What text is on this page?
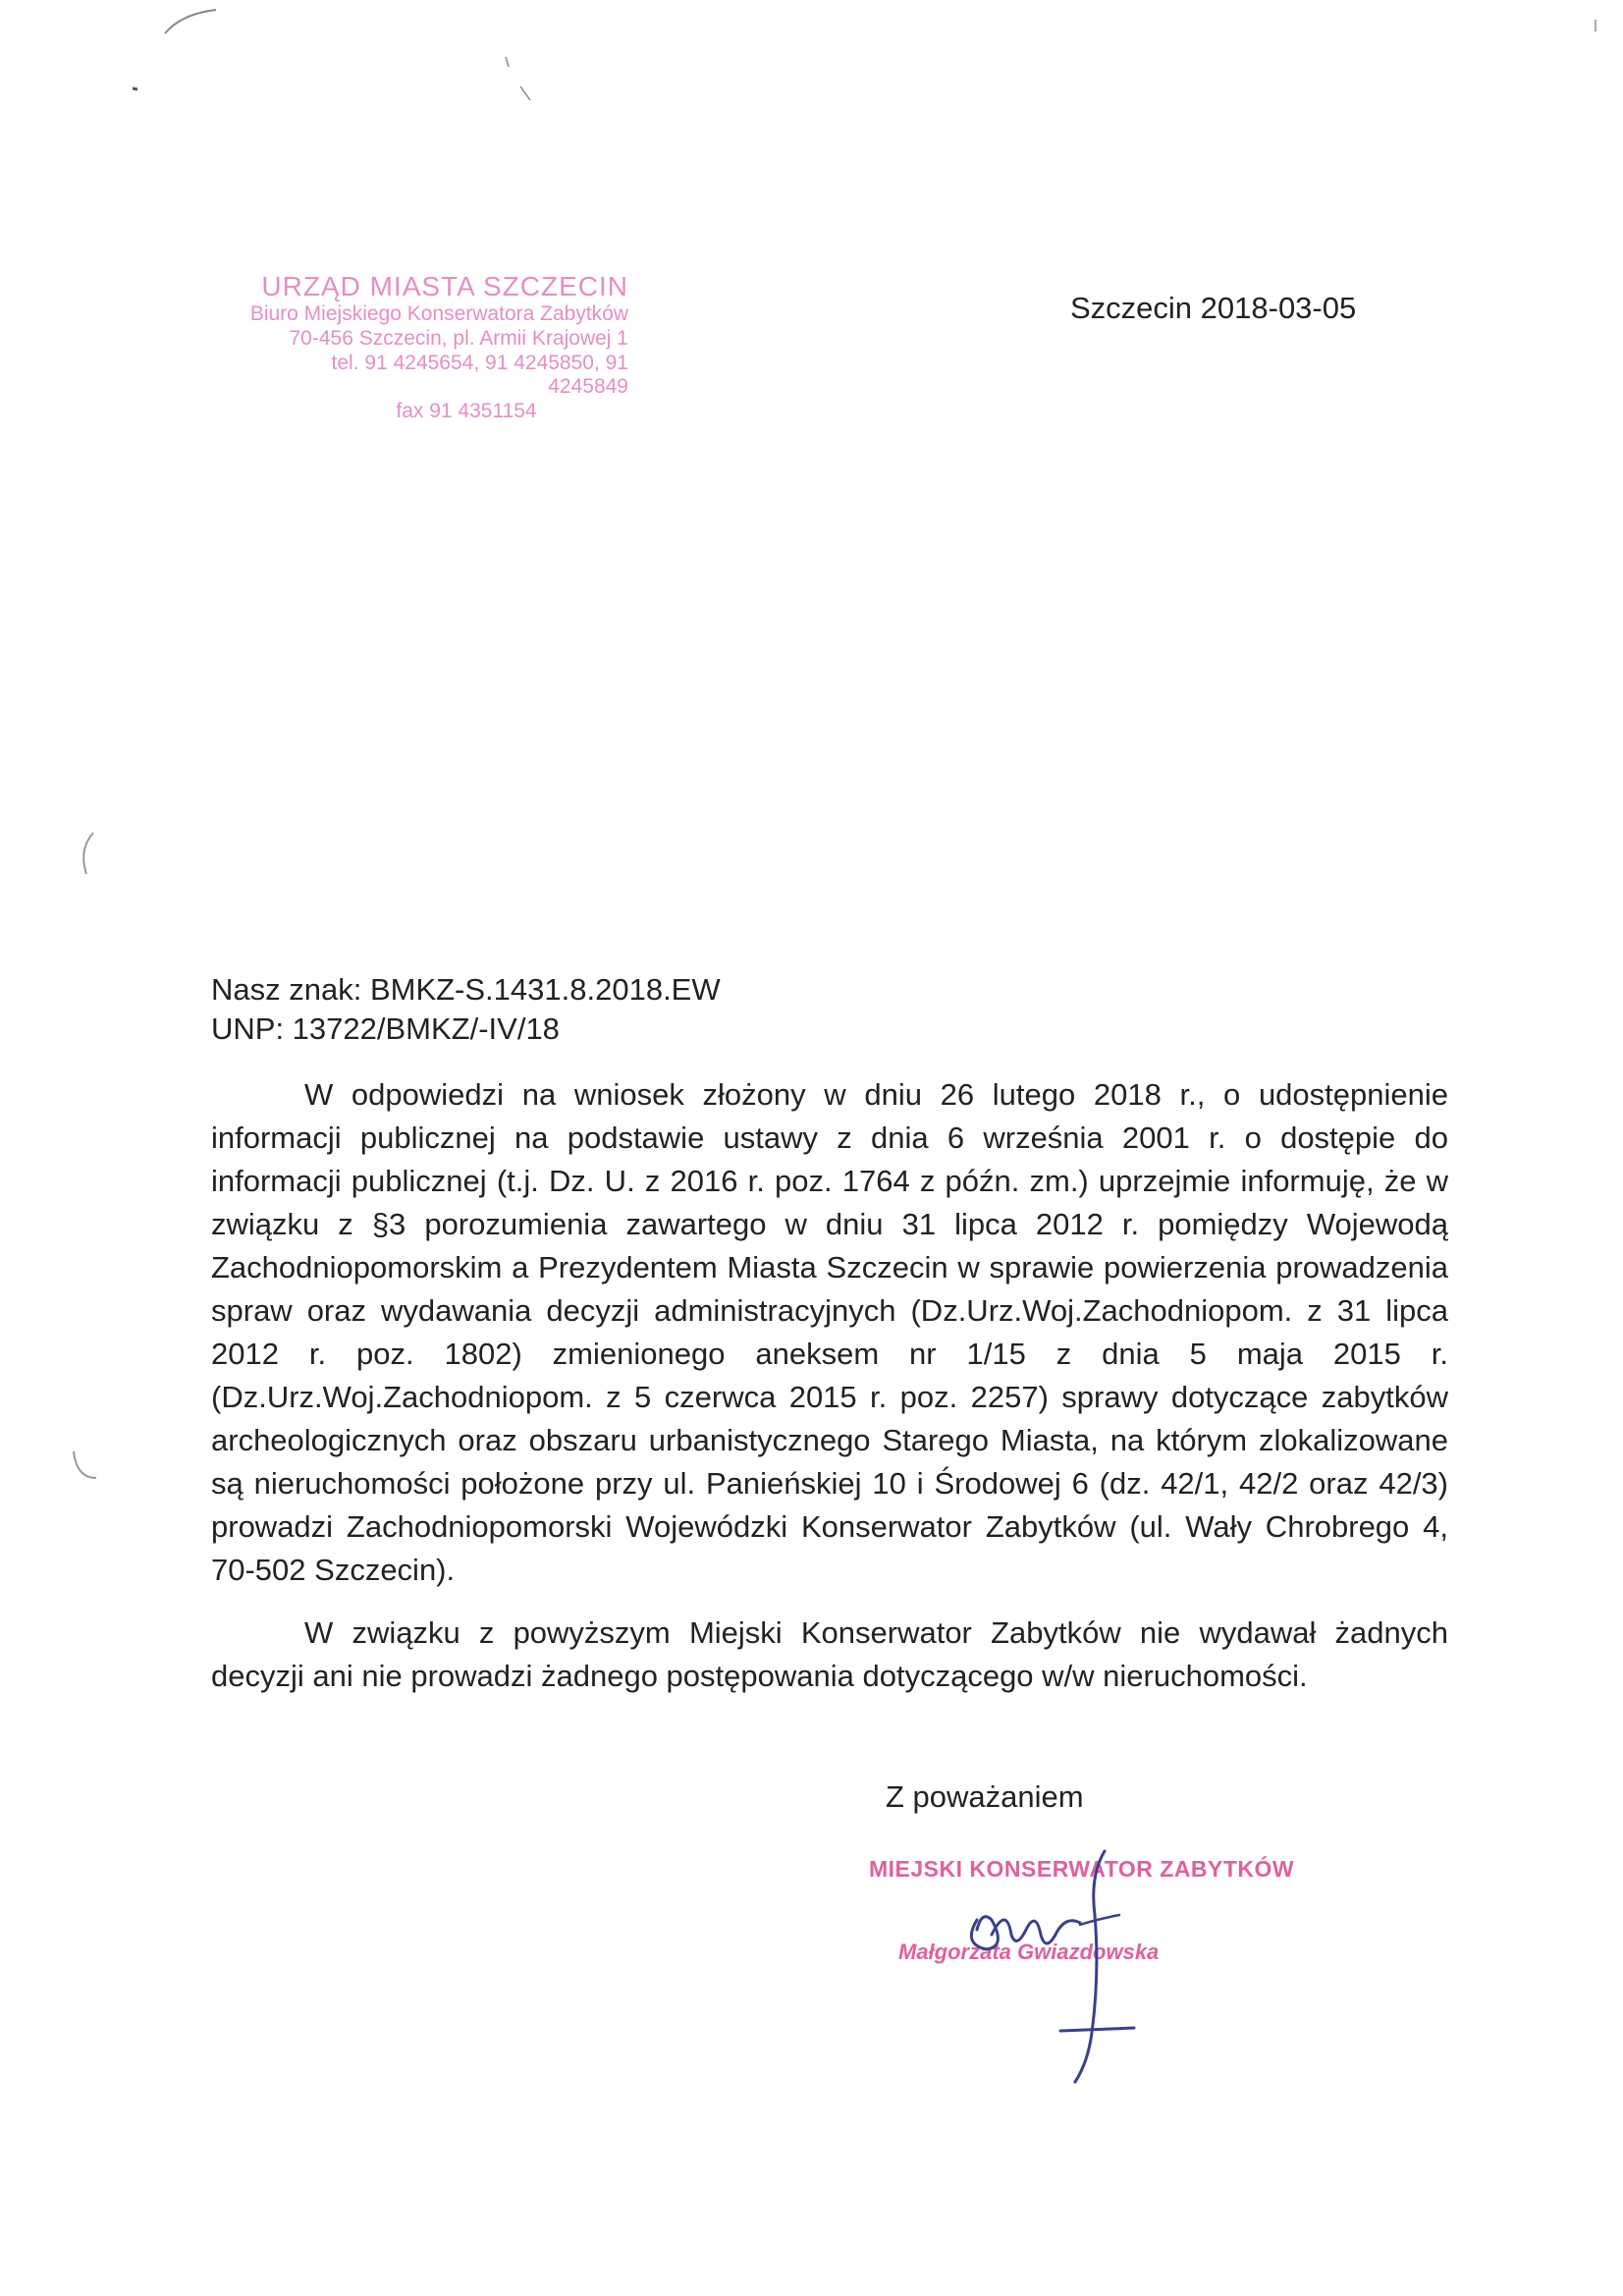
URZĄD MIASTA SZCZECIN
Biuro Miejskiego Konserwatora Zabytków
70-456 Szczecin, pl. Armii Krajowej 1
tel. 91 4245654, 91 4245850, 91 4245849
fax 91 4351154
Szczecin 2018-03-05
Nasz znak: BMKZ-S.1431.8.2018.EW
UNP: 13722/BMKZ/-IV/18

W odpowiedzi na wniosek złożony w dniu 26 lutego 2018 r., o udostępnienie informacji publicznej na podstawie ustawy z dnia 6 września 2001 r. o dostępie do informacji publicznej (t.j. Dz. U. z 2016 r. poz. 1764 z późn. zm.) uprzejmie informuję, że w związku z §3 porozumienia zawartego w dniu 31 lipca 2012 r. pomiędzy Wojewodą Zachodniopomorskim a Prezydentem Miasta Szczecin w sprawie powierzenia prowadzenia spraw oraz wydawania decyzji administracyjnych (Dz.Urz.Woj.Zachodniopom. z 31 lipca 2012 r. poz. 1802) zmienionego aneksem nr 1/15 z dnia 5 maja 2015 r. (Dz.Urz.Woj.Zachodniopom. z 5 czerwca 2015 r. poz. 2257) sprawy dotyczące zabytków archeologicznych oraz obszaru urbanistycznego Starego Miasta, na którym zlokalizowane są nieruchomości położone przy ul. Panieńskiej 10 i Środowej 6 (dz. 42/1, 42/2 oraz 42/3) prowadzi Zachodniopomorski Wojewódzki Konserwator Zabytków (ul. Wały Chrobrego 4, 70-502 Szczecin).

W związku z powyższym Miejski Konserwator Zabytków nie wydawał żadnych decyzji ani nie prowadzi żadnego postępowania dotyczącego w/w nieruchomości.

Z poważaniem
MIEJSKI KONSERWATOR ZABYTKÓW
Małgorzata Gwiazdowska
